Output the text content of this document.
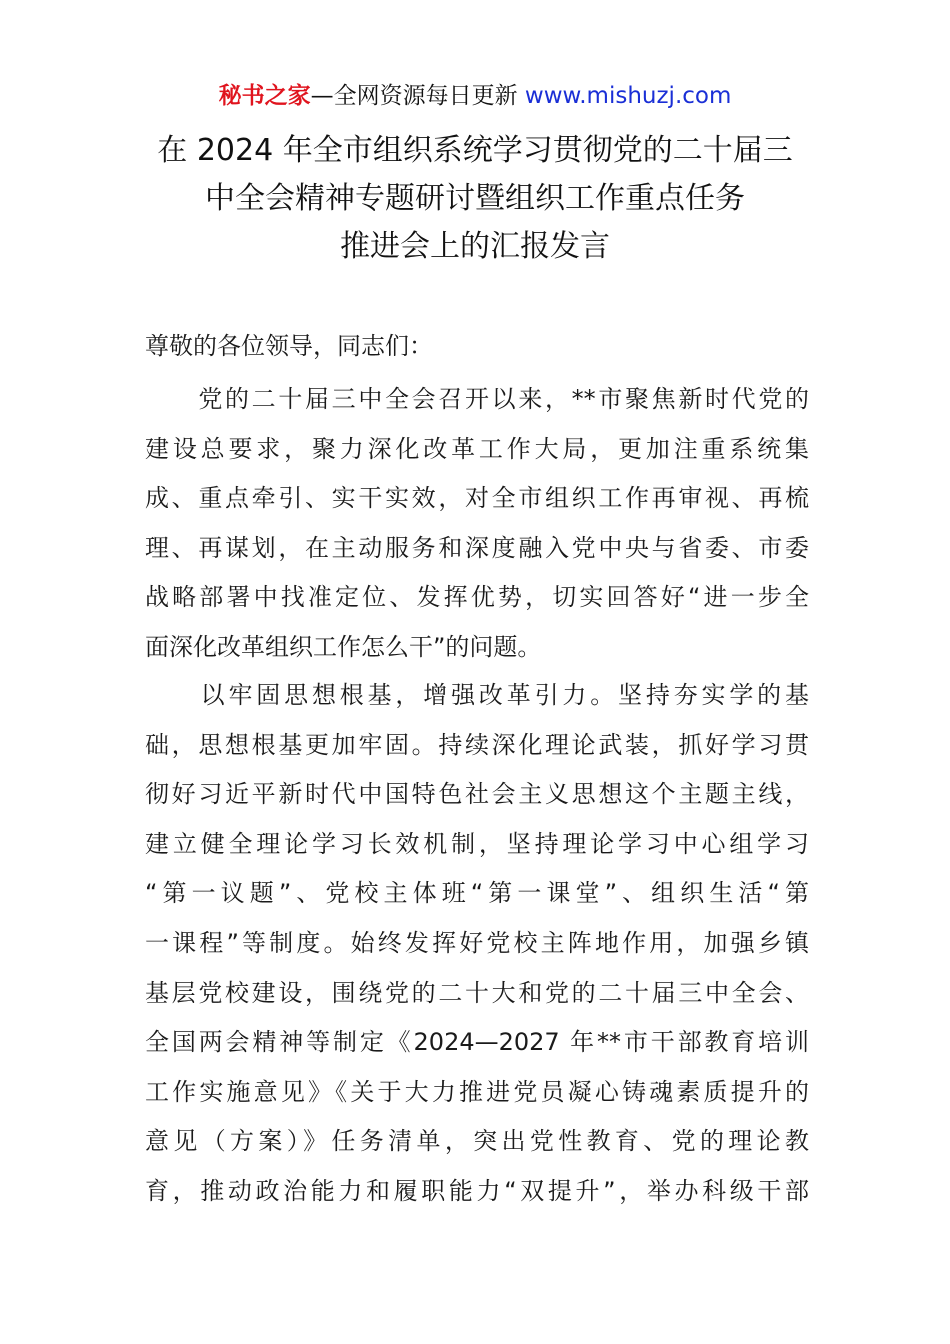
秘书之家—全网资源每日更新 www.mishuzj.com
在 2024 年全市组织系统学习贯彻党的二十届三
中全会精神专题研讨暨组织工作重点任务
推进会上的汇报发言
尊敬的各位领导，同志们：
　　党的二十届三中全会召开以来，**市聚焦新时代党的
建设总要求，聚力深化改革工作大局，更加注重系统集
成、重点牵引、实干实效，对全市组织工作再审视、再梳
理、再谋划，在主动服务和深度融入党中央与省委、市委
战略部署中找准定位、发挥优势，切实回答好“进一步全
面深化改革组织工作怎么干”的问题。
　　以牢固思想根基，增强改革引力。坚持夯实学的基
础，思想根基更加牢固。持续深化理论武装，抓好学习贯
彻好习近平新时代中国特色社会主义思想这个主题主线，
建立健全理论学习长效机制，坚持理论学习中心组学习
“第一议题”、党校主体班“第一课堂”、组织生活“第
一课程”等制度。始终发挥好党校主阵地作用，加强乡镇
基层党校建设，围绕党的二十大和党的二十届三中全会、
全国两会精神等制定《2024—2027 年**市干部教育培训
工作实施意见》《关于大力推进党员凝心铸魂素质提升的
意见（方案）》任务清单，突出党性教育、党的理论教
育，推动政治能力和履职能力“双提升”，举办科级干部
